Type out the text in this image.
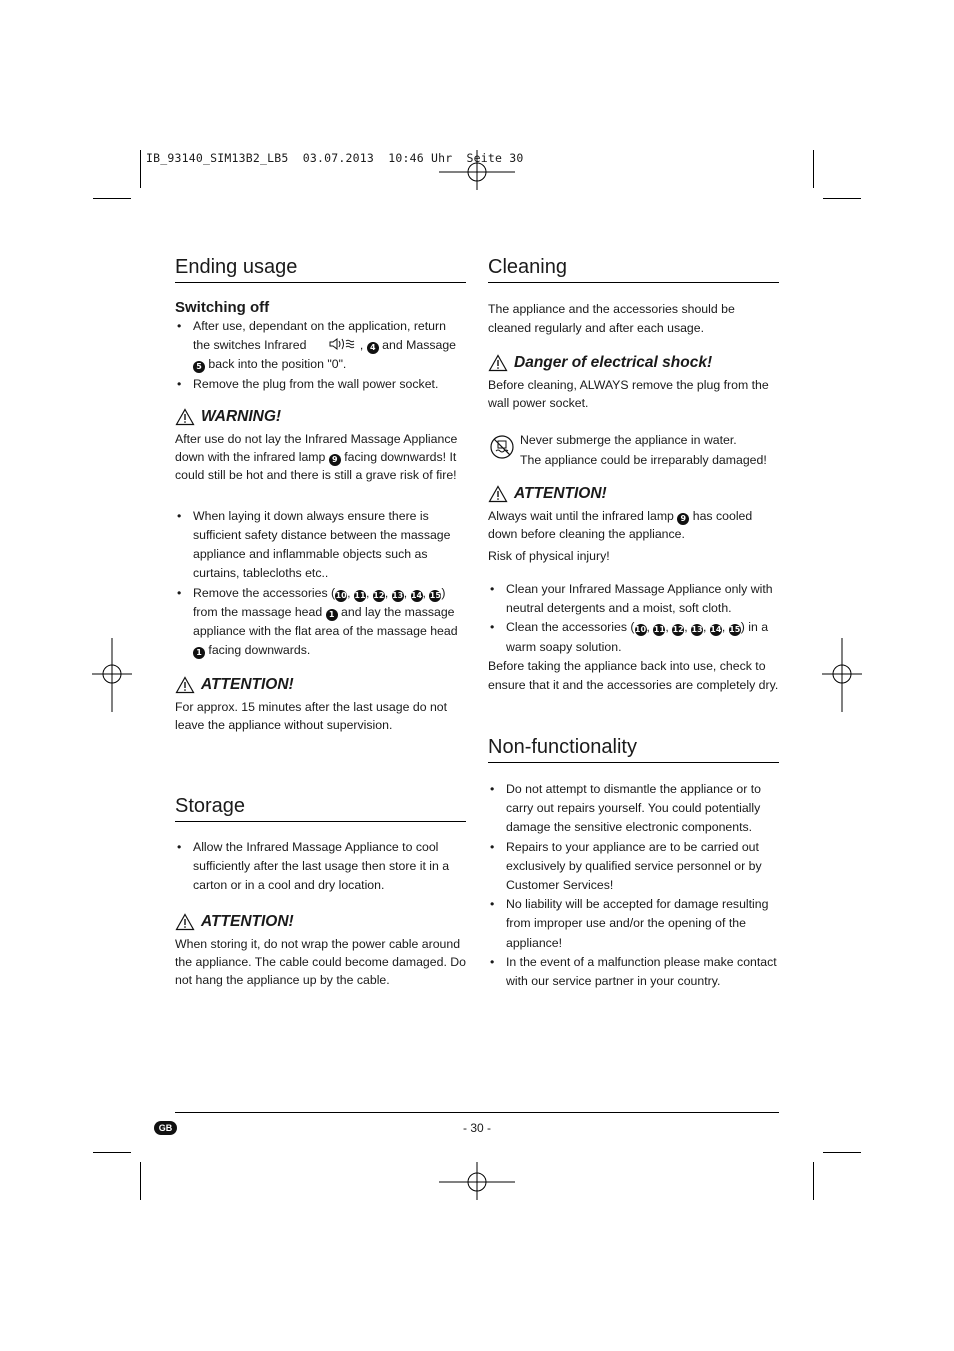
IB_93140_SIM13B2_LB5  03.07.2013  10:46 Uhr  Seite 30
Ending usage
Switching off
• After use, dependant on the application, return the switches Infrared	, 4 and Massage 5 back into the position "0".
• Remove the plug from the wall power socket.
WARNING!

After use do not lay the Infrared Massage Appliance down with the infrared lamp 9 facing downwards! It could still be hot and there is still a grave risk of fire!

• When laying it down always ensure there is sufficient safety distance between the massage appliance and inflammable objects such as curtains, tablecloths etc..
• Remove the accessories (10, 11, 12, 13, 14, 15) from the massage head 1 and lay the massage appliance with the flat area of the massage head 1 facing downwards.
ATTENTION!

For approx. 15 minutes after the last usage do not leave the appliance without supervision.

Storage
• Allow the Infrared Massage Appliance to cool sufficiently after the last usage then store it in a carton or in a cool and dry location.
ATTENTION!

When storing it, do not wrap the power cable around the appliance. The cable could become damaged. Do not hang the appliance up by the cable.

Cleaning

The appliance and the accessories should be cleaned regularly and after each usage.

Danger of electrical shock!

Before cleaning, ALWAYS remove the plug from the wall power socket.

Never submerge the appliance in water.

The appliance could be irreparably damaged!

ATTENTION!

Always wait until the infrared lamp 9 has cooled down before cleaning the appliance.

Risk of physical injury!

• Clean your Infrared Massage Appliance only with neutral detergents and a moist, soft cloth.
• Clean the accessories (10, 11, 12, 13, 14, 15) in a warm soapy solution.

Before taking the appliance back into use, check to ensure that it and the accessories are completely dry.

Non-functionality
• Do not attempt to dismantle the appliance or to carry out repairs yourself. You could potentially damage the sensitive electronic components.
• Repairs to your appliance are to be carried out exclusively by qualified service personnel or by Customer Services!
• No liability will be accepted for damage resulting from improper use and/or the opening of the appliance!
• In the event of a malfunction please make contact with our service partner in your country.
GB	- 30 -
